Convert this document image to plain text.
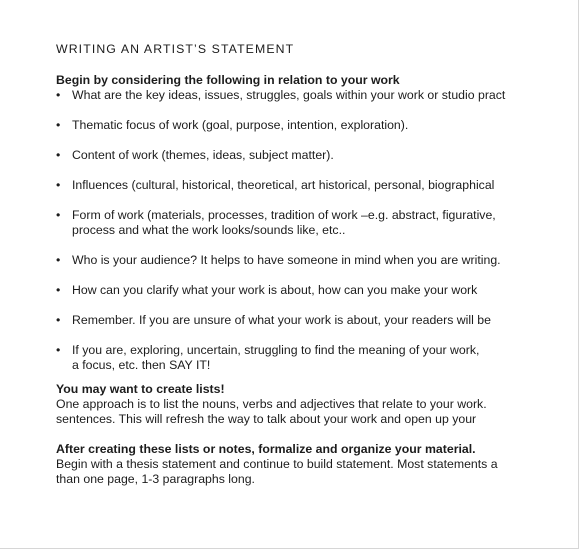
WRITING AN ARTIST’S STATEMENT
Begin by considering the following in relation to your work
• What are the key ideas, issues, struggles, goals within your work or studio pract
• Thematic focus of work (goal, purpose, intention, exploration).
• Content of work (themes, ideas, subject matter).
• Influences (cultural, historical, theoretical, art historical, personal, biographical
• Form of work (materials, processes, tradition of work –e.g. abstract, figurative,
process and what the work looks/sounds like, etc..
• Who is your audience? It helps to have someone in mind when you are writing.
• How can you clarify what your work is about, how can you make your work
• Remember. If you are unsure of what your work is about, your readers will be
• If you are, exploring, uncertain, struggling to find the meaning of your work,
a focus, etc. then SAY IT!
You may want to create lists!
One approach is to list the nouns, verbs and adjectives that relate to your work.
sentences. This will refresh the way to talk about your work and open up your
After creating these lists or notes, formalize and organize your material.
Begin with a thesis statement and continue to build statement. Most statements a
than one page, 1-3 paragraphs long.
